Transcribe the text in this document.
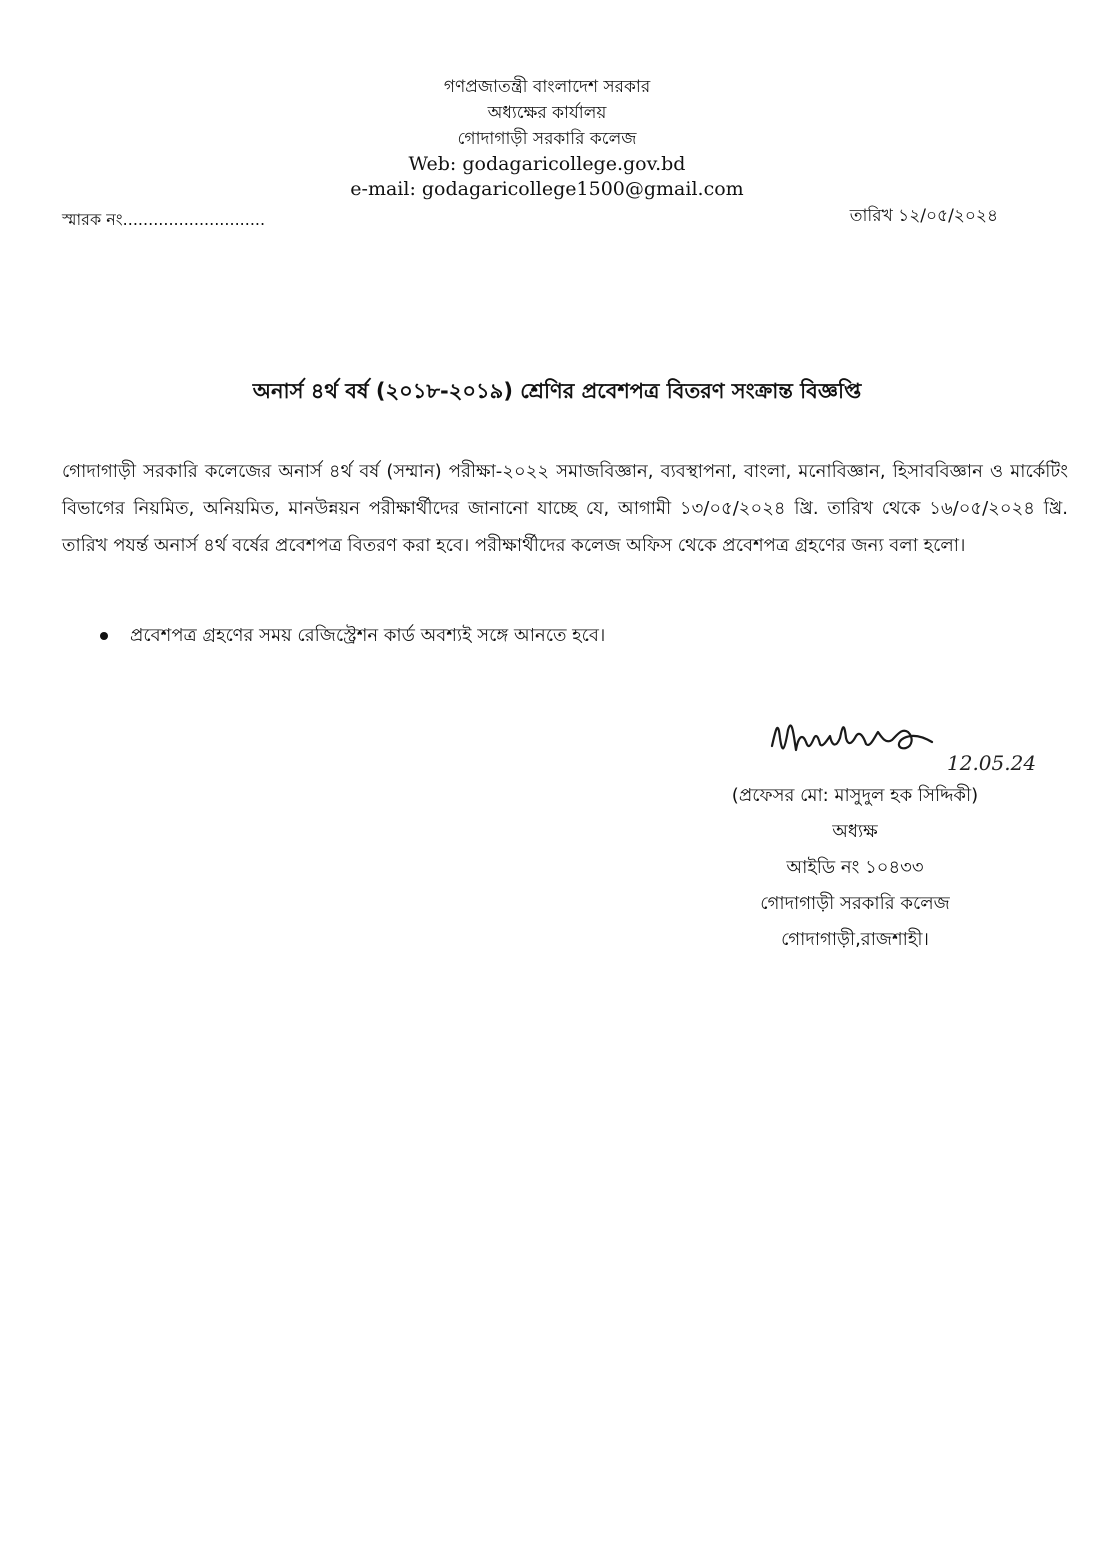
গণপ্রজাতন্ত্রী বাংলাদেশ সরকার
অধ্যক্ষের কার্যালয়
গোদাগাড়ী সরকারি কলেজ
Web: godagaricollege.gov.bd
e-mail: godagaricollege1500@gmail.com
স্মারক নং............................	তারিখ ১২/০৫/২০২৪
অনার্স ৪র্থ বর্ষ (২০১৮-২০১৯) শ্রেণির প্রবেশপত্র বিতরণ সংক্রান্ত বিজ্ঞপ্তি
গোদাগাড়ী সরকারি কলেজের অনার্স ৪র্থ বর্ষ (সম্মান) পরীক্ষা-২০২২ সমাজবিজ্ঞান, ব্যবস্থাপনা, বাংলা, মনোবিজ্ঞান, হিসাববিজ্ঞান ও মার্কেটিং বিভাগের নিয়মিত, অনিয়মিত, মানউন্নয়ন পরীক্ষার্থীদের জানানো যাচ্ছে যে, আগামী ১৩/০৫/২০২৪ খ্রি. তারিখ থেকে ১৬/০৫/২০২৪ খ্রি. তারিখ পযর্ন্ত অনার্স ৪র্থ বর্ষের প্রবেশপত্র বিতরণ করা হবে। পরীক্ষার্থীদের কলেজ অফিস থেকে প্রবেশপত্র গ্রহণের জন্য বলা হলো।
প্রবেশপত্র গ্রহণের সময় রেজিস্ট্রেশন কার্ড অবশ্যই সঙ্গে আনতে হবে।
12.05.24
(প্রফেসর মো: মাসুদুল হক সিদ্দিকী)
অধ্যক্ষ
আইডি নং ১০৪৩৩
গোদাগাড়ী সরকারি কলেজ
গোদাগাড়ী,রাজশাহী।
